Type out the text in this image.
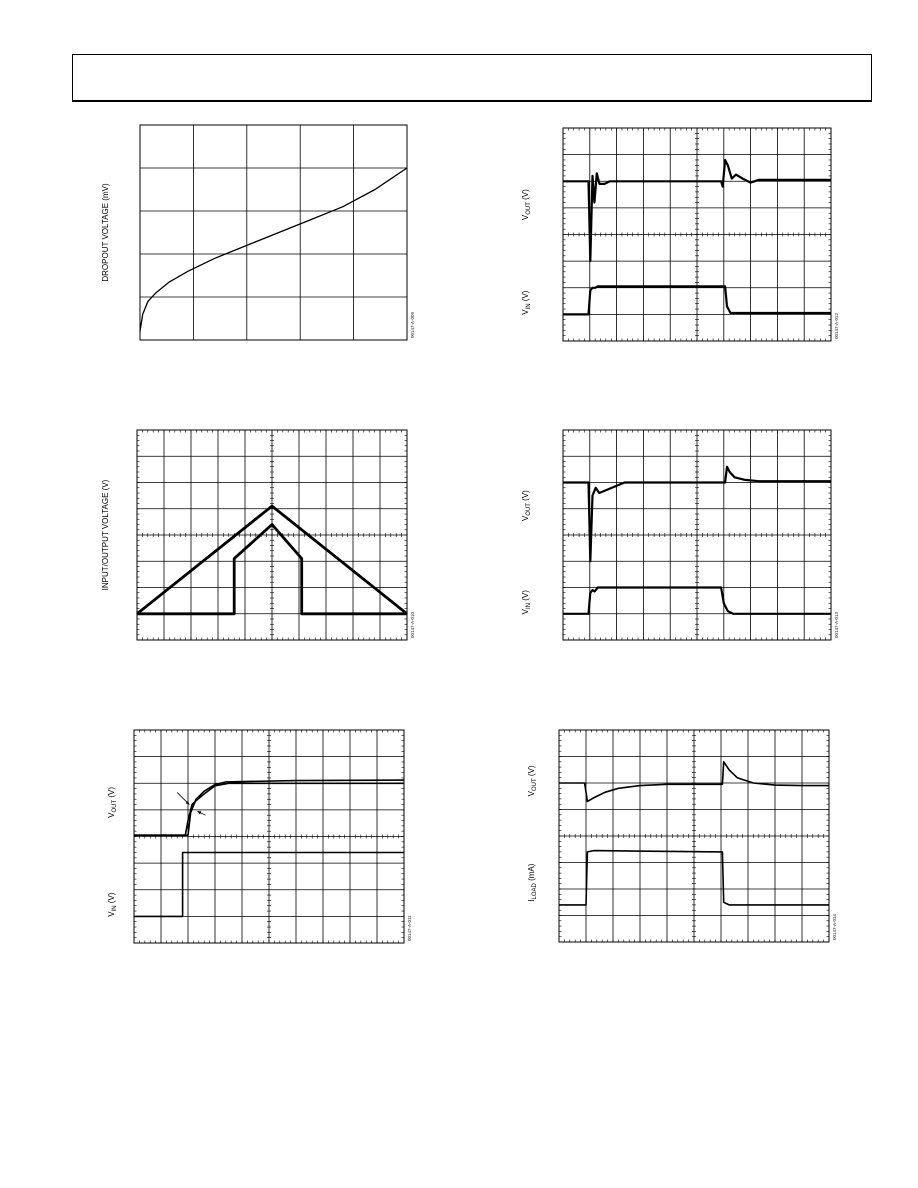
DROPOUT VOLTAGE (mV)
00147-A-009
$V_{OUT}$ (V)
$V_{IN}$ (V)
00147-A-012
INPUT/OUTPUT VOLTAGE (V)
00147-A-010
$V_{OUT}$ (V)
$V_{IN}$ (V)
00147-A-013
$V_{OUT}$ (V)
$V_{IN}$ (V)
00147-A-011
$V_{OUT}$ (V)
$I_{LOAD}$ (mA)
00147-A-014
